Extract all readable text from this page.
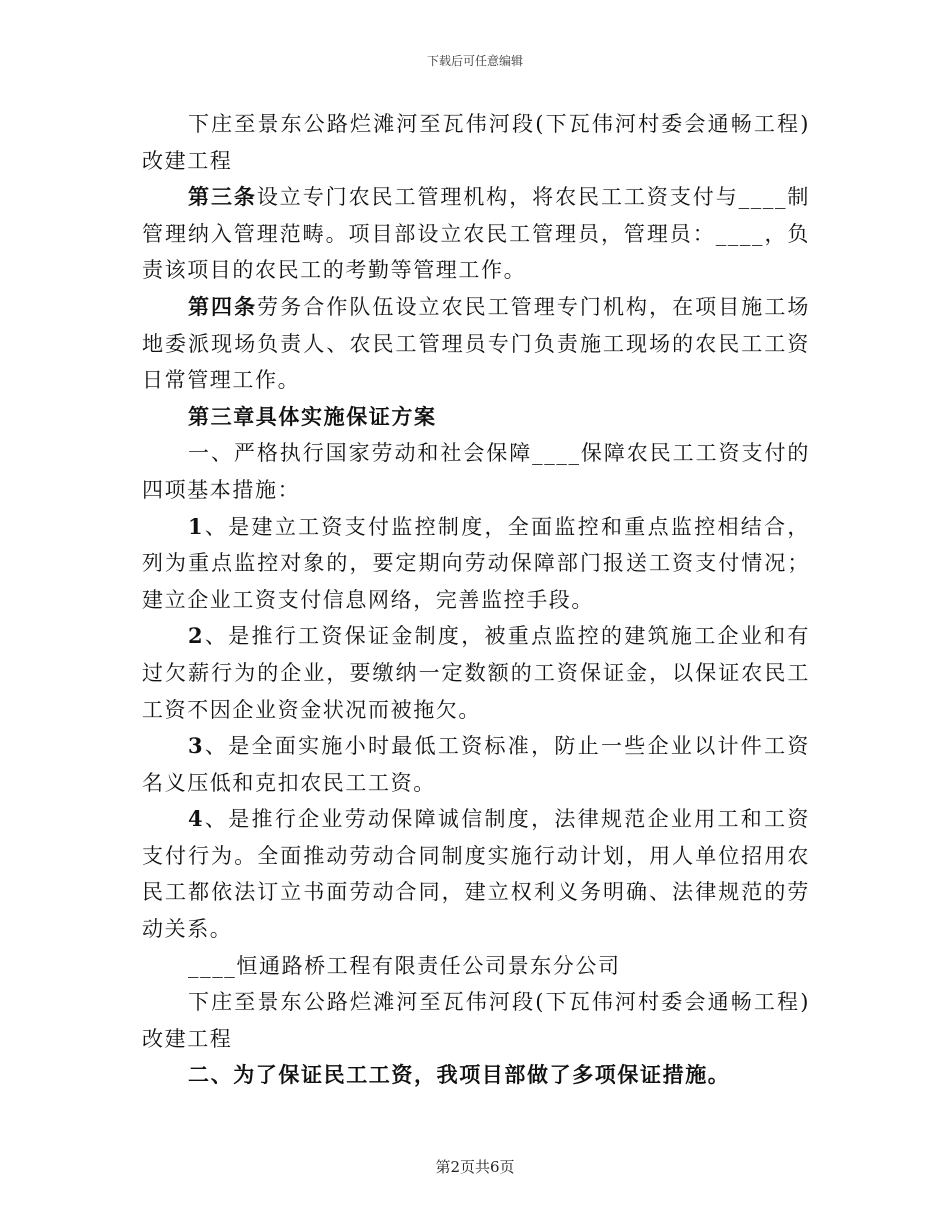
下载后可任意编辑

下庄至景东公路烂滩河至瓦伟河段(下瓦伟河村委会通畅工程)改建工程

第三条设立专门农民工管理机构，将农民工工资支付与____制管理纳入管理范畴。项目部设立农民工管理员，管理员：____，负责该项目的农民工的考勤等管理工作。

第四条劳务合作队伍设立农民工管理专门机构，在项目施工场地委派现场负责人、农民工管理员专门负责施工现场的农民工工资日常管理工作。

第三章具体实施保证方案

一、严格执行国家劳动和社会保障____保障农民工工资支付的四项基本措施：

1、是建立工资支付监控制度，全面监控和重点监控相结合，列为重点监控对象的，要定期向劳动保障部门报送工资支付情况；建立企业工资支付信息网络，完善监控手段。

2、是推行工资保证金制度，被重点监控的建筑施工企业和有过欠薪行为的企业，要缴纳一定数额的工资保证金，以保证农民工工资不因企业资金状况而被拖欠。

3、是全面实施小时最低工资标准，防止一些企业以计件工资名义压低和克扣农民工工资。

4、是推行企业劳动保障诚信制度，法律规范企业用工和工资支付行为。全面推动劳动合同制度实施行动计划，用人单位招用农民工都依法订立书面劳动合同，建立权利义务明确、法律规范的劳动关系。

____恒通路桥工程有限责任公司景东分公司

下庄至景东公路烂滩河至瓦伟河段(下瓦伟河村委会通畅工程)改建工程

二、为了保证民工工资，我项目部做了多项保证措施。

第2页共6页
